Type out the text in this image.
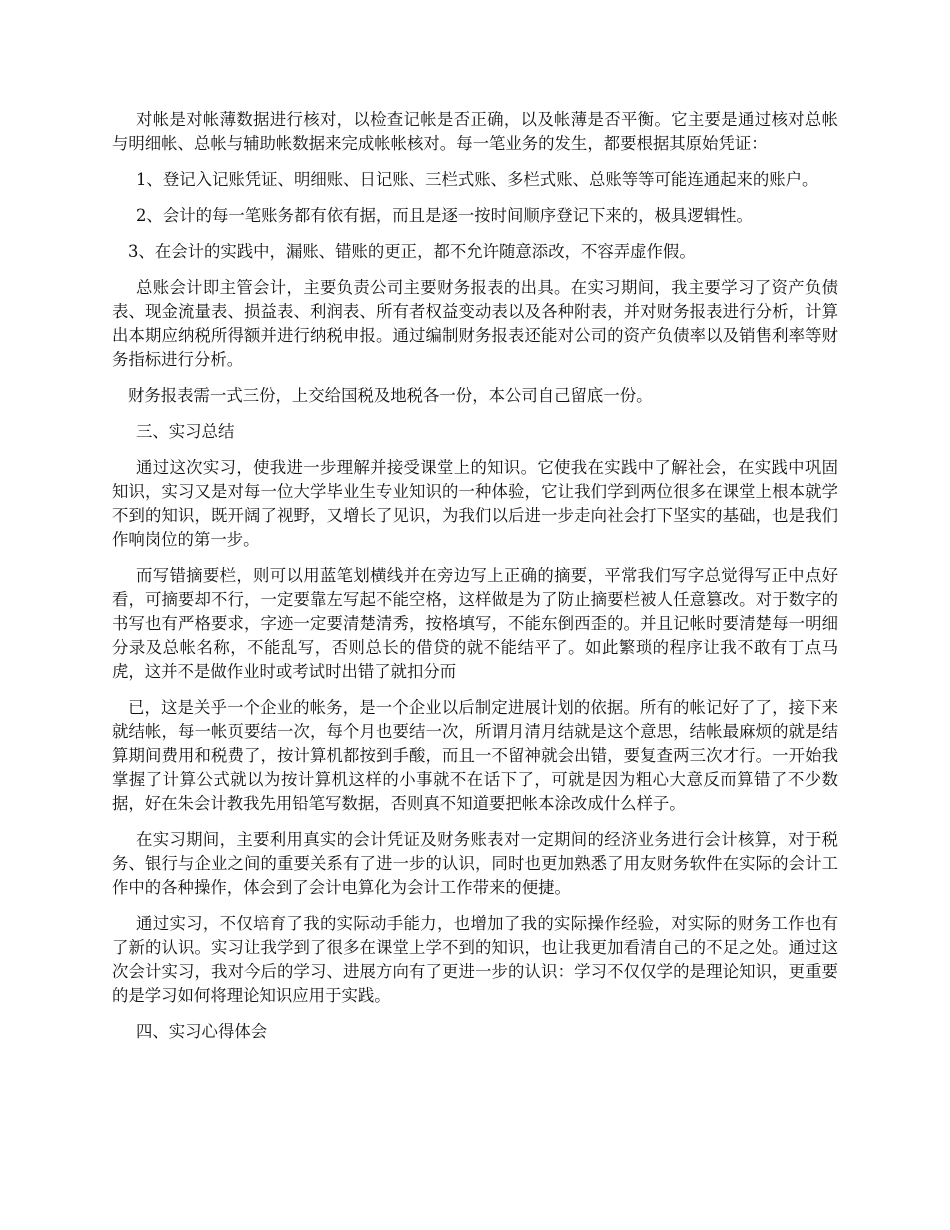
对帐是对帐薄数据进行核对，以检查记帐是否正确，以及帐薄是否平衡。它主要是通过核对总帐与明细帐、总帐与辅助帐数据来完成帐帐核对。每一笔业务的发生，都要根据其原始凭证：

1、登记入记账凭证、明细账、日记账、三栏式账、多栏式账、总账等等可能连通起来的账户。

2、会计的每一笔账务都有依有据，而且是逐一按时间顺序登记下来的，极具逻辑性。

3、在会计的实践中，漏账、错账的更正，都不允许随意添改，不容弄虚作假。

总账会计即主管会计，主要负责公司主要财务报表的出具。在实习期间，我主要学习了资产负债表、现金流量表、损益表、利润表、所有者权益变动表以及各种附表，并对财务报表进行分析，计算出本期应纳税所得额并进行纳税申报。通过编制财务报表还能对公司的资产负债率以及销售利率等财务指标进行分析。

财务报表需一式三份，上交给国税及地税各一份，本公司自己留底一份。

三、实习总结

通过这次实习，使我进一步理解并接受课堂上的知识。它使我在实践中了解社会，在实践中巩固知识，实习又是对每一位大学毕业生专业知识的一种体验，它让我们学到两位很多在课堂上根本就学不到的知识，既开阔了视野，又增长了见识，为我们以后进一步走向社会打下坚实的基础，也是我们作响岗位的第一步。

而写错摘要栏，则可以用蓝笔划横线并在旁边写上正确的摘要，平常我们写字总觉得写正中点好看，可摘要却不行，一定要靠左写起不能空格，这样做是为了防止摘要栏被人任意篡改。对于数字的书写也有严格要求，字迹一定要清楚清秀，按格填写，不能东倒西歪的。并且记帐时要清楚每一明细分录及总帐名称，不能乱写，否则总长的借贷的就不能结平了。如此繁琐的程序让我不敢有丁点马虎，这并不是做作业时或考试时出错了就扣分而

已，这是关乎一个企业的帐务，是一个企业以后制定进展计划的依据。所有的帐记好了了，接下来就结帐，每一帐页要结一次，每个月也要结一次，所谓月清月结就是这个意思，结帐最麻烦的就是结算期间费用和税费了，按计算机都按到手酸，而且一不留神就会出错，要复查两三次才行。一开始我掌握了计算公式就以为按计算机这样的小事就不在话下了，可就是因为粗心大意反而算错了不少数据，好在朱会计教我先用铅笔写数据，否则真不知道要把帐本涂改成什么样子。

在实习期间，主要利用真实的会计凭证及财务账表对一定期间的经济业务进行会计核算，对于税务、银行与企业之间的重要关系有了进一步的认识，同时也更加熟悉了用友财务软件在实际的会计工作中的各种操作，体会到了会计电算化为会计工作带来的便捷。

通过实习，不仅培育了我的实际动手能力，也增加了我的实际操作经验，对实际的财务工作也有了新的认识。实习让我学到了很多在课堂上学不到的知识，也让我更加看清自己的不足之处。通过这次会计实习，我对今后的学习、进展方向有了更进一步的认识：学习不仅仅学的是理论知识，更重要的是学习如何将理论知识应用于实践。

四、实习心得体会
